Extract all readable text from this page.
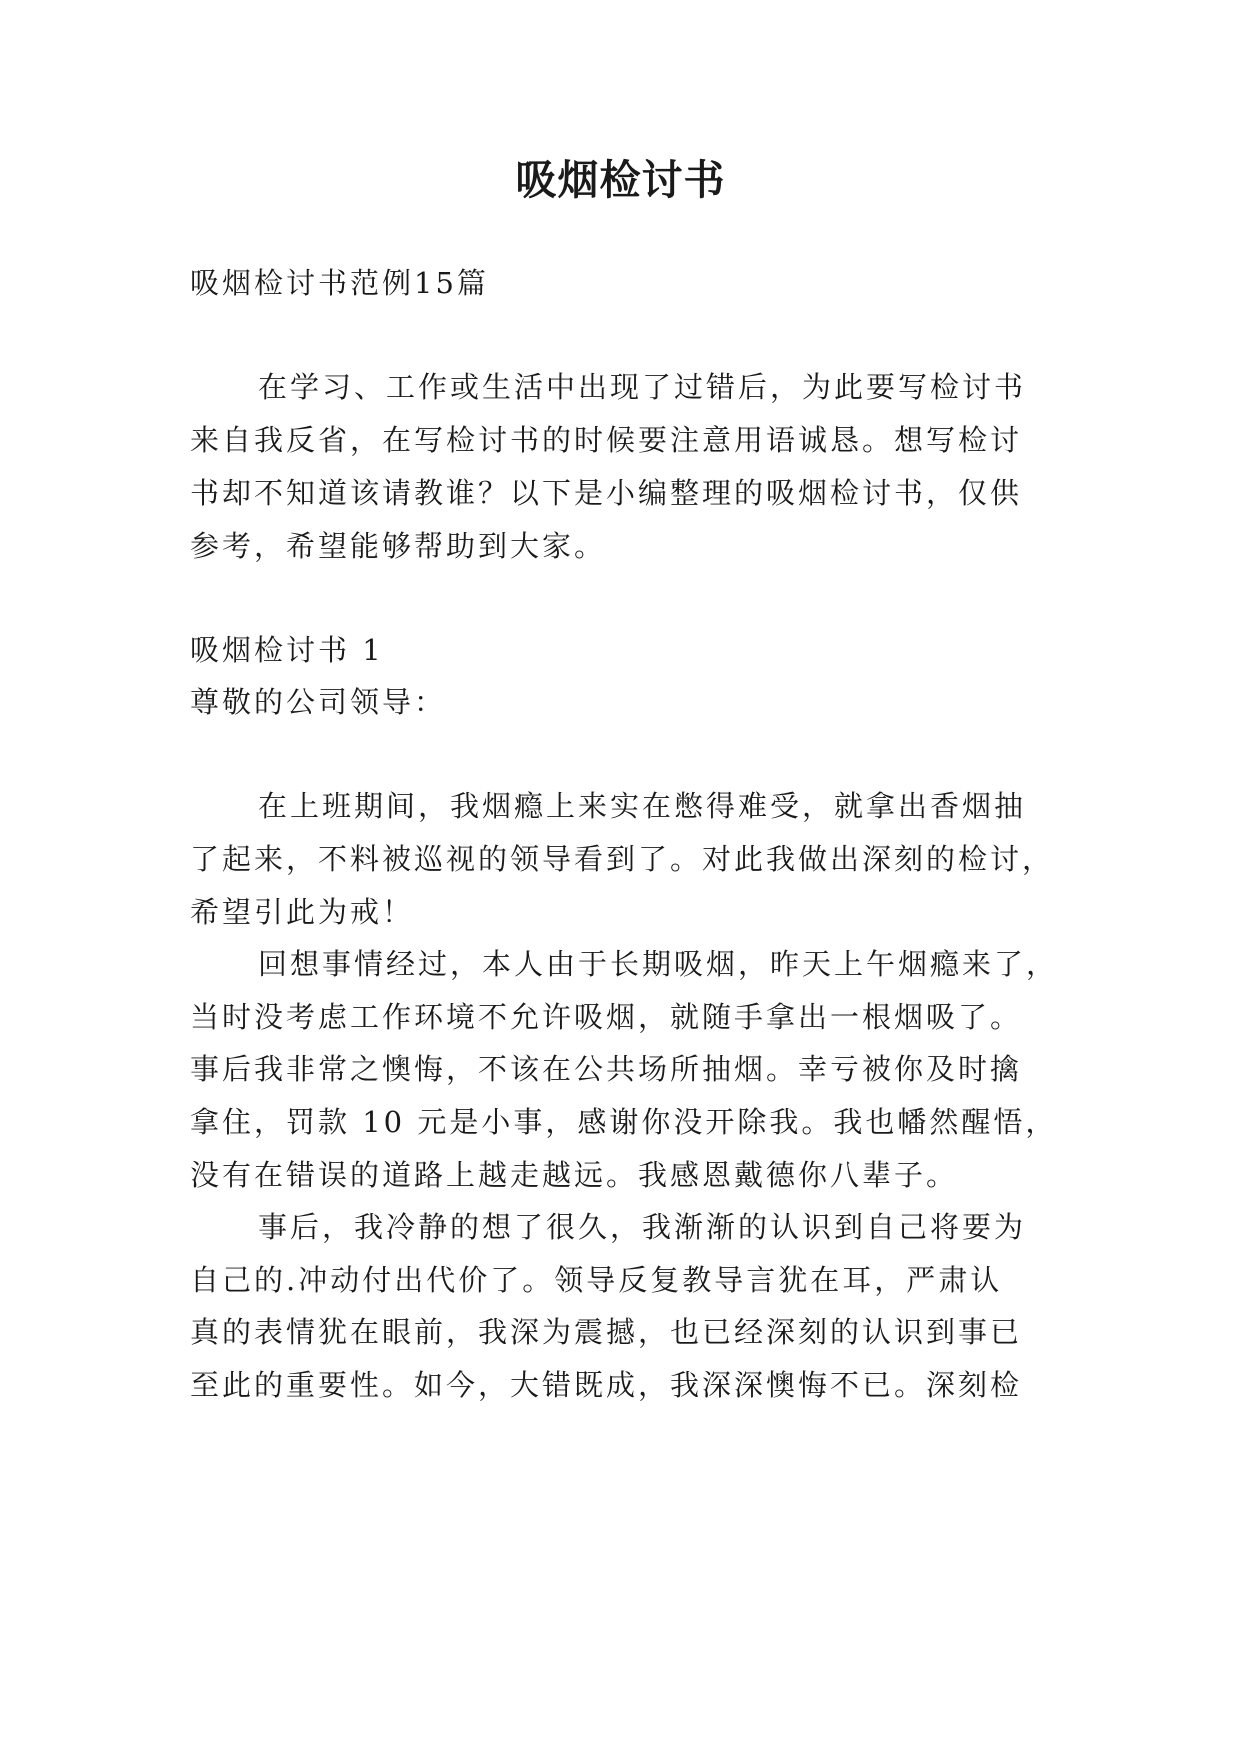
吸烟检讨书
吸烟检讨书范例15篇
在学习、工作或生活中出现了过错后，为此要写检讨书
来自我反省，在写检讨书的时候要注意用语诚恳。想写检讨
书却不知道该请教谁？以下是小编整理的吸烟检讨书，仅供
参考，希望能够帮助到大家。
吸烟检讨书 1
尊敬的公司领导：
在上班期间，我烟瘾上来实在憋得难受，就拿出香烟抽
了起来，不料被巡视的领导看到了。对此我做出深刻的检讨，
希望引此为戒！
回想事情经过，本人由于长期吸烟，昨天上午烟瘾来了，
当时没考虑工作环境不允许吸烟，就随手拿出一根烟吸了。
事后我非常之懊悔，不该在公共场所抽烟。幸亏被你及时擒
拿住，罚款 10 元是小事，感谢你没开除我。我也幡然醒悟，
没有在错误的道路上越走越远。我感恩戴德你八辈子。
事后，我冷静的想了很久，我渐渐的认识到自己将要为
自己的.冲动付出代价了。领导反复教导言犹在耳，严肃认
真的表情犹在眼前，我深为震撼，也已经深刻的认识到事已
至此的重要性。如今，大错既成，我深深懊悔不已。深刻检
